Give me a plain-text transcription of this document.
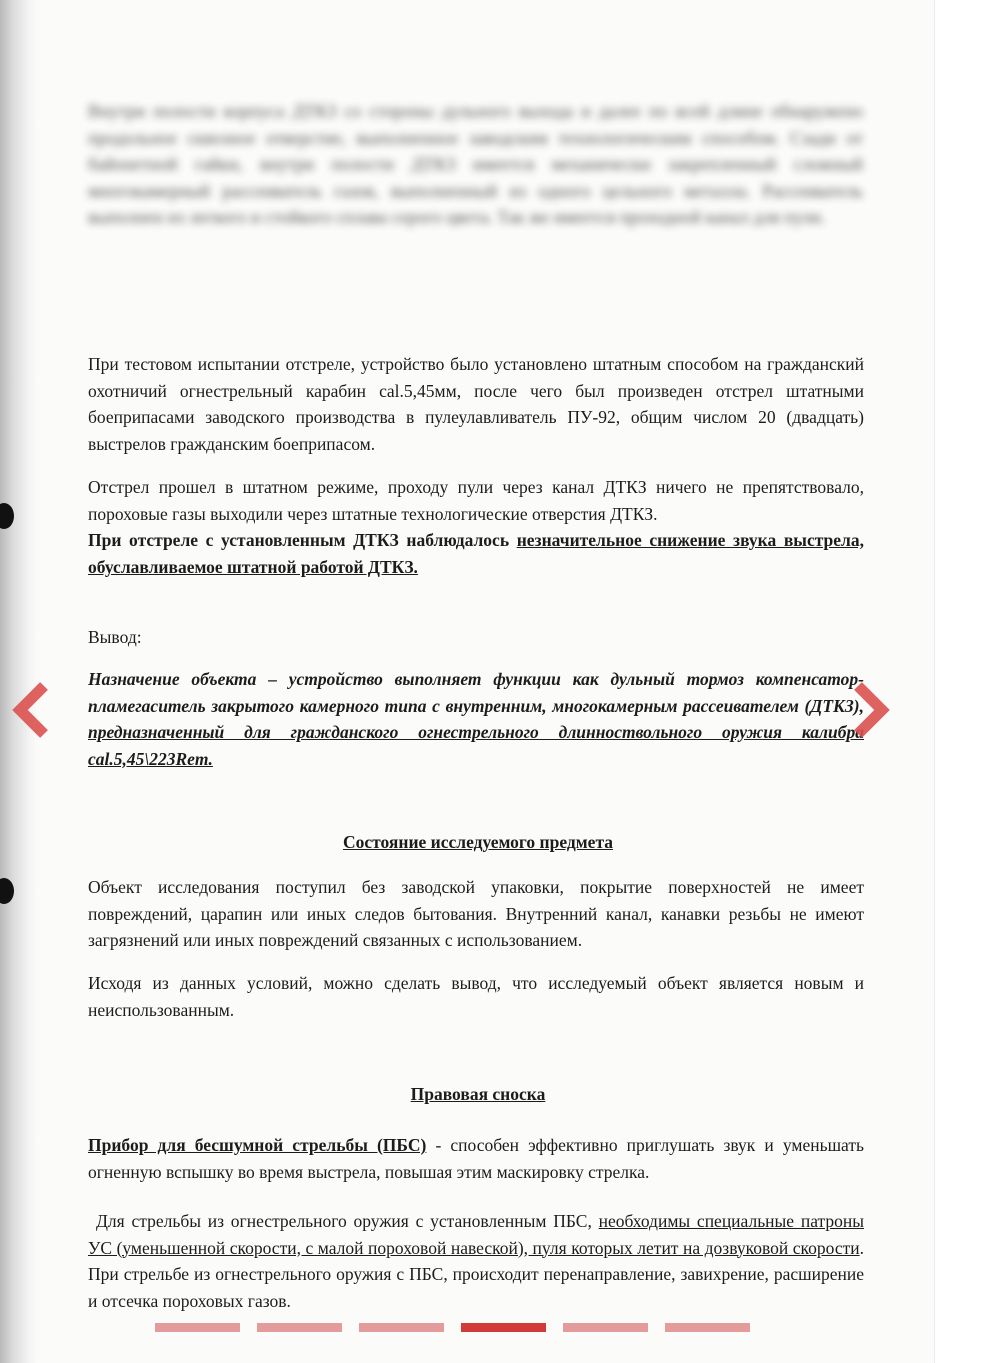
Внутри полости корпуса ДТКЗ со стороны дульного выхода и далее по всей длине обнаружено продольное сквозное отверстие, выполненное заводским технологическим способом. Сзади от байонетной гайки, внутри полости ДТКЗ имеется механически закрепленный сложный многокамерный рассеиватель газов, выполненный из одного цельного металла. Рассеиватель выполнен из легкого и стойкого сплава серого цвета. Так же имеется проходной канал для пули.
При тестовом испытании отстреле, устройство было установлено штатным способом на гражданский охотничий огнестрельный карабин cal.5,45мм, после чего был произведен отстрел штатными боеприпасами заводского производства в пулеулавливатель ПУ-92, общим числом 20 (двадцать) выстрелов гражданским боеприпасом.
Отстрел прошел в штатном режиме, проходу пули через канал ДТКЗ ничего не препятствовало, пороховые газы выходили через штатные технологические отверстия ДТКЗ.
При отстреле с установленным ДТКЗ наблюдалось незначительное снижение звука выстрела, обуславливаемое штатной работой ДТКЗ.
Вывод:
Назначение объекта – устройство выполняет функции как дульный тормоз компенсатор-пламегаситель закрытого камерного типа с внутренним, многокамерным рассеивателем (ДТКЗ), предназначенный для гражданского огнестрельного длинноствольного оружия калибра cal.5,45\223Rem.
Состояние исследуемого предмета
Объект исследования поступил без заводской упаковки, покрытие поверхностей не имеет повреждений, царапин или иных следов бытования. Внутренний канал, канавки резьбы не имеют загрязнений или иных повреждений связанных с использованием.
Исходя из данных условий, можно сделать вывод, что исследуемый объект является новым и неиспользованным.
Правовая сноска
Прибор для бесшумной стрельбы (ПБС) - способен эффективно приглушать звук и уменьшать огненную вспышку во время выстрела, повышая этим маскировку стрелка.
Для стрельбы из огнестрельного оружия с установленным ПБС, необходимы специальные патроны УС (уменьшенной скорости, с малой пороховой навеской), пуля которых летит на дозвуковой скорости. При стрельбе из огнестрельного оружия с ПБС, происходит перенаправление, завихрение, расширение и отсечка пороховых газов.
